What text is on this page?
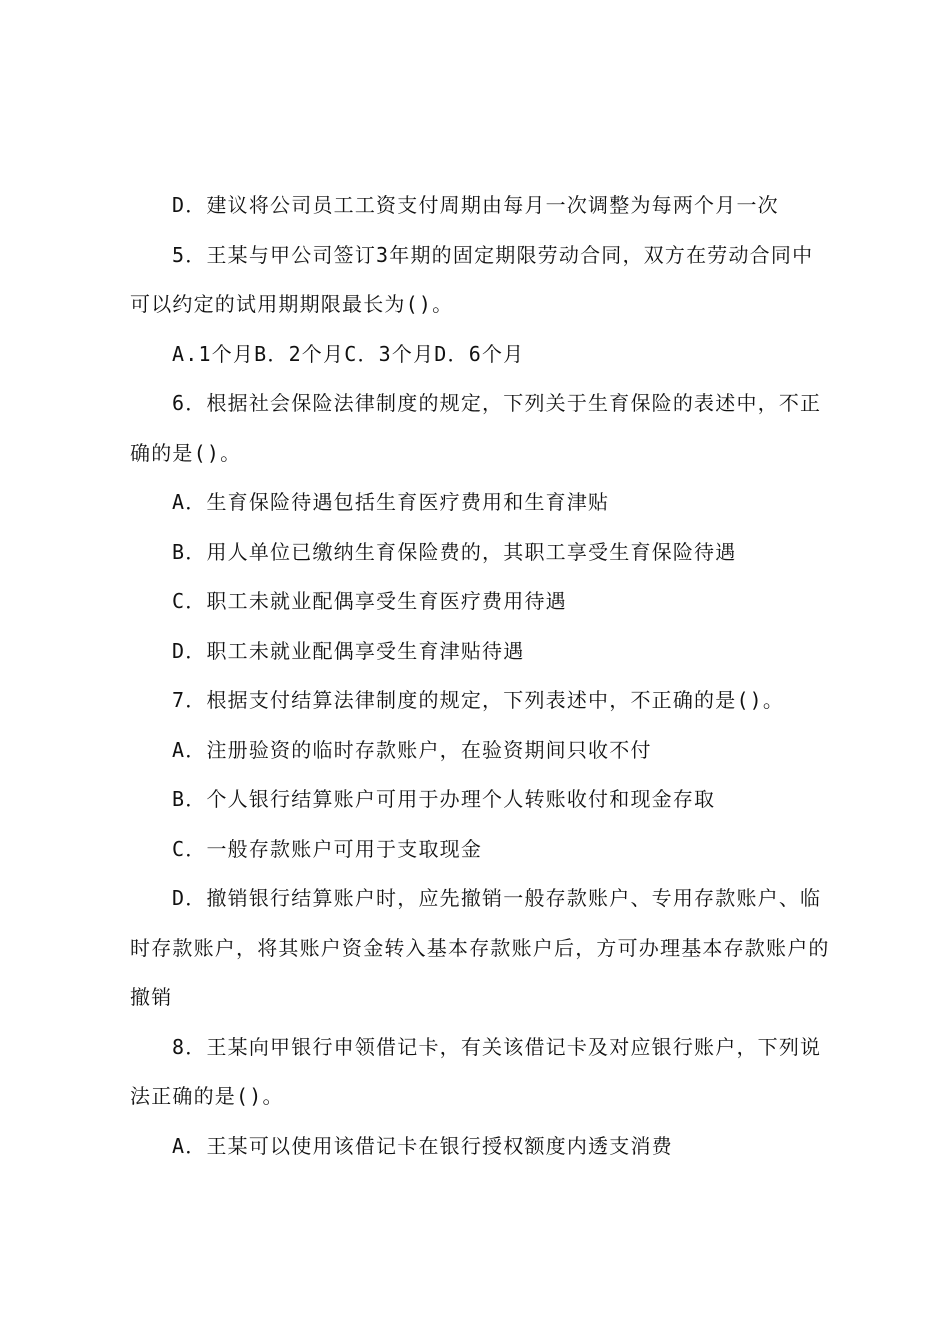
D．建议将公司员工工资支付周期由每月一次调整为每两个月一次

5．王某与甲公司签订3年期的固定期限劳动合同，双方在劳动合同中可以约定的试用期期限最长为()。

A.1个月B．2个月C．3个月D．6个月

6．根据社会保险法律制度的规定，下列关于生育保险的表述中，不正确的是()。

A．生育保险待遇包括生育医疗费用和生育津贴

B．用人单位已缴纳生育保险费的，其职工享受生育保险待遇

C．职工未就业配偶享受生育医疗费用待遇

D．职工未就业配偶享受生育津贴待遇

7．根据支付结算法律制度的规定，下列表述中，不正确的是()。

A．注册验资的临时存款账户，在验资期间只收不付

B．个人银行结算账户可用于办理个人转账收付和现金存取

C．一般存款账户可用于支取现金

D．撤销银行结算账户时，应先撤销一般存款账户、专用存款账户、临时存款账户，将其账户资金转入基本存款账户后，方可办理基本存款账户的撤销

8．王某向甲银行申领借记卡，有关该借记卡及对应银行账户，下列说法正确的是()。

A．王某可以使用该借记卡在银行授权额度内透支消费
